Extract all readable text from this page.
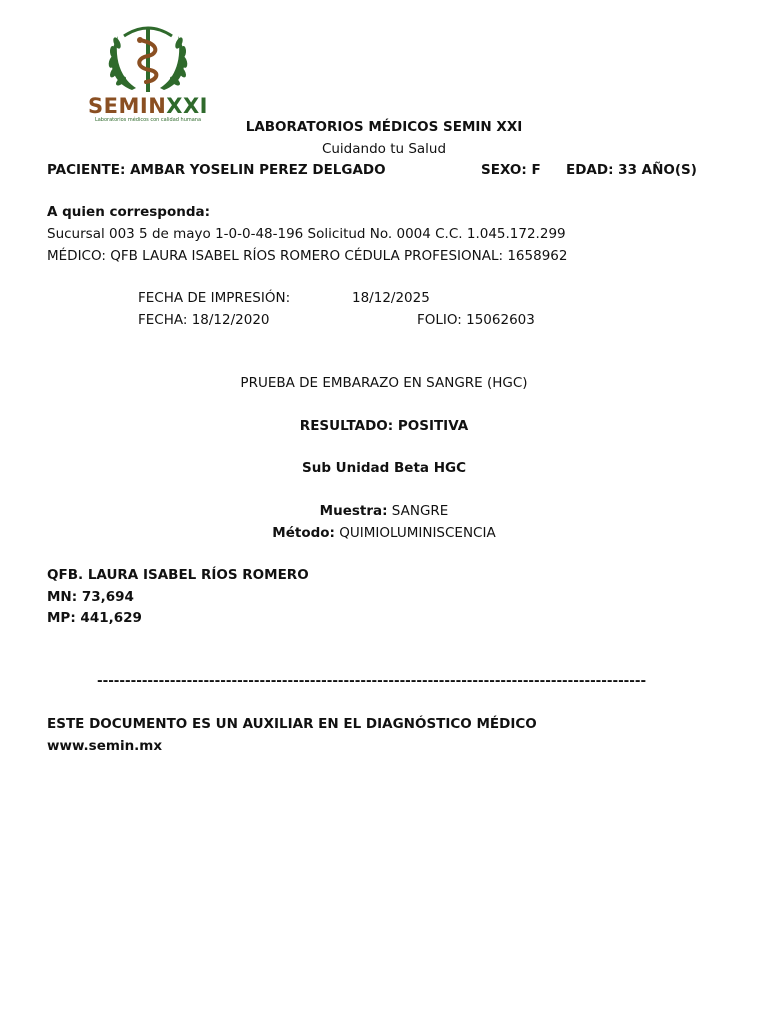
SEMINXXI
Laboratorios médicos con calidad humana	LABORATORIOS MÉDICOS SEMIN XXI
Cuidando tu Salud
PACIENTE: AMBAR YOSELIN PEREZ DELGADO	SEXO: F EDAD: 33 AÑO(S)
A quien corresponda:
Sucursal 003 5 de mayo 1-0-0-48-196 Solicitud No. 0004 C.C. 1.045.172.299
MÉDICO: QFB LAURA ISABEL RÍOS ROMERO CÉDULA PROFESIONAL: 1658962
FECHA DE IMPRESIÓN:	18/12/2025
FECHA: 18/12/2020	FOLIO: 15062603
PRUEBA DE EMBARAZO EN SANGRE (HGC)
RESULTADO: POSITIVA
Sub Unidad Beta HGC
Muestra: SANGRE
Método: QUIMIOLUMINISCENCIA
QFB. LAURA ISABEL RÍOS ROMERO
MN: 73,694
MP: 441,629
--------------------------------------------------------------------------------------------------
ESTE DOCUMENTO ES UN AUXILIAR EN EL DIAGNÓSTICO MÉDICO
www.semin.mx
